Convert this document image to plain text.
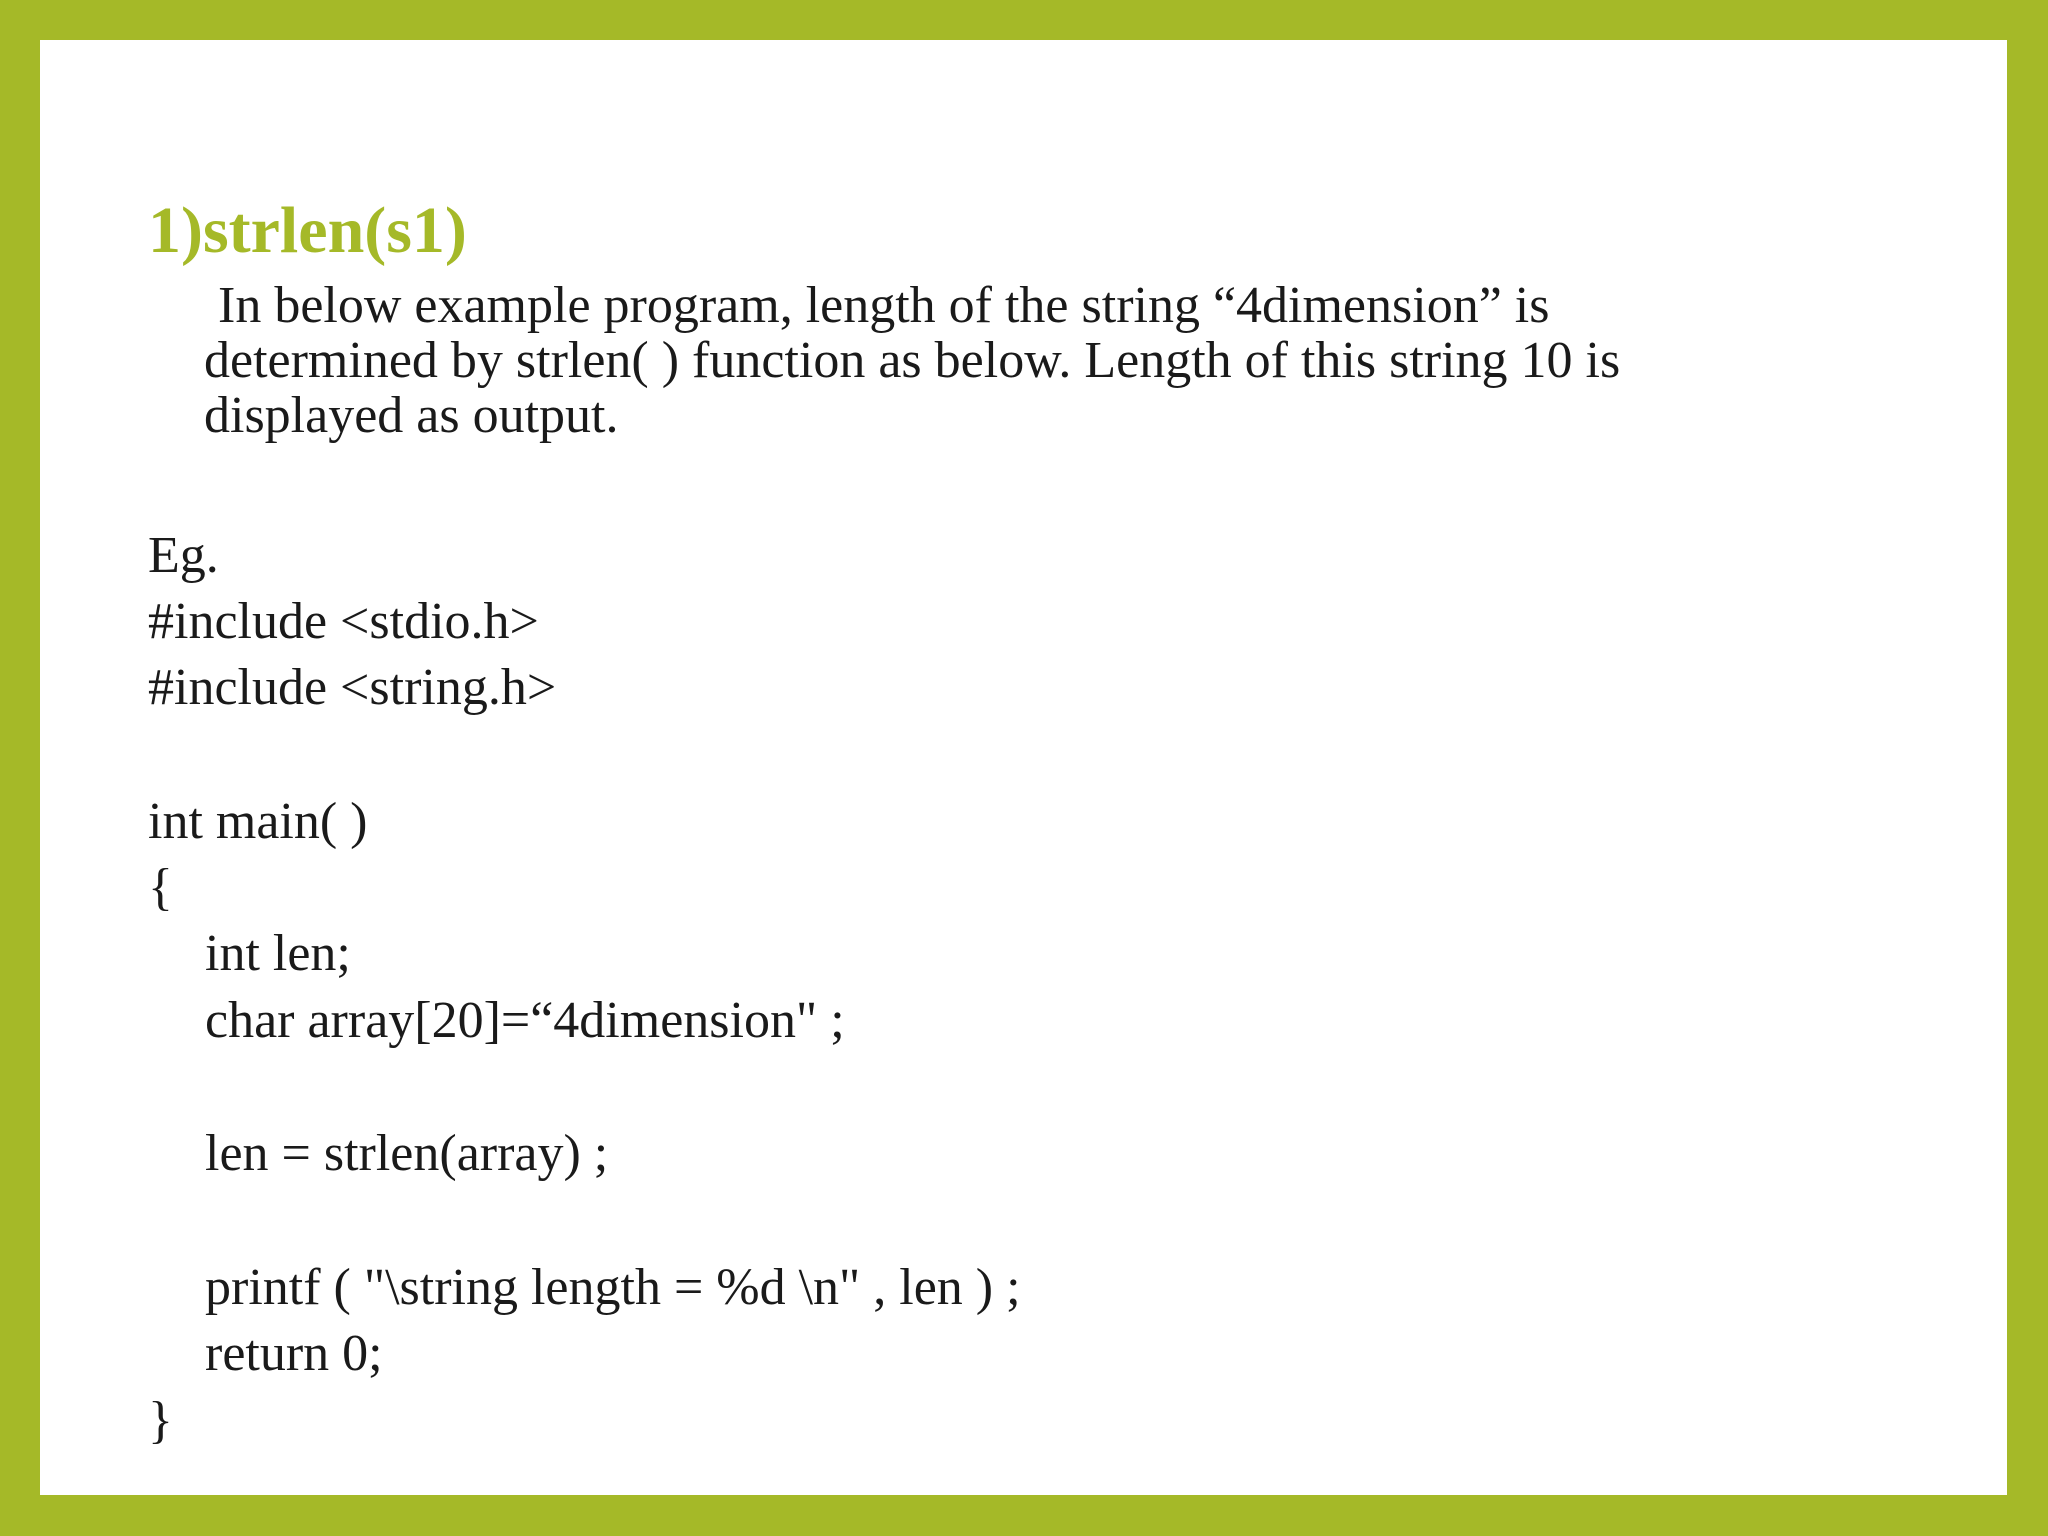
1)strlen(s1)

In below example program, length of the string “4dimension” is
determined by strlen( ) function as below. Length of this string 10 is
displayed as output.

Eg.
#include <stdio.h>
#include <string.h>
int main( )
{
int len;
char array[20]=“4dimension" ;
len = strlen(array) ;
printf ( "\string length = %d \n" , len ) ;
return 0;
}
